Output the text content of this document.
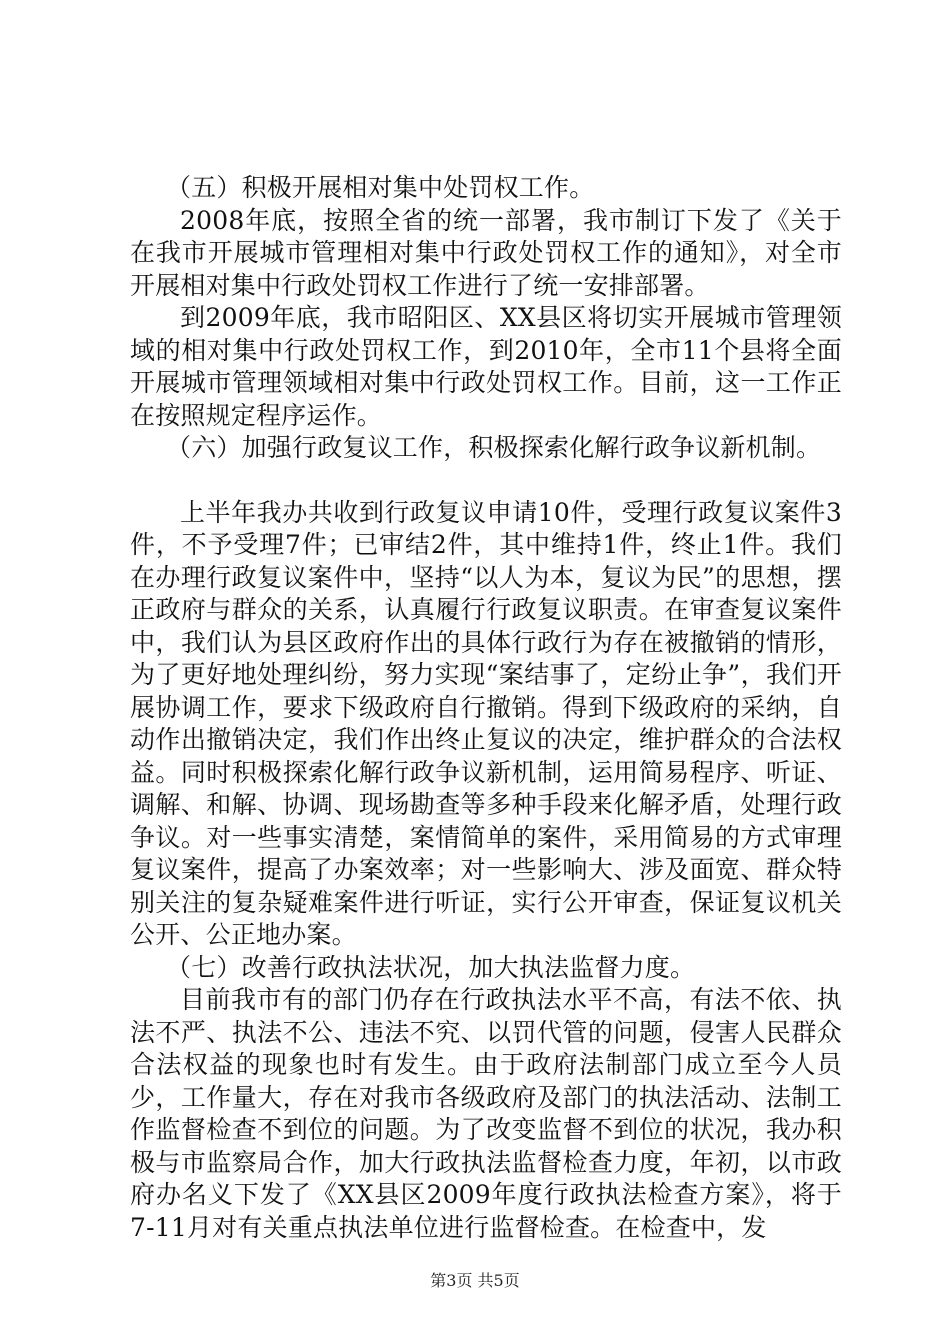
（五）积极开展相对集中处罚权工作。

2008年底，按照全省的统一部署，我市制订下发了《关于在我市开展城市管理相对集中行政处罚权工作的通知》，对全市开展相对集中行政处罚权工作进行了统一安排部署。

到2009年底，我市昭阳区、XX县区将切实开展城市管理领域的相对集中行政处罚权工作，到2010年，全市11个县将全面开展城市管理领域相对集中行政处罚权工作。目前，这一工作正在按照规定程序运作。

（六）加强行政复议工作，积极探索化解行政争议新机制。

上半年我办共收到行政复议申请10件，受理行政复议案件3件，不予受理7件；已审结2件，其中维持1件，终止1件。我们在办理行政复议案件中，坚持“以人为本，复议为民”的思想，摆正政府与群众的关系，认真履行行政复议职责。在审查复议案件中，我们认为县区政府作出的具体行政行为存在被撤销的情形，为了更好地处理纠纷，努力实现“案结事了，定纷止争”，我们开展协调工作，要求下级政府自行撤销。得到下级政府的采纳，自动作出撤销决定，我们作出终止复议的决定，维护群众的合法权益。同时积极探索化解行政争议新机制，运用简易程序、听证、调解、和解、协调、现场勘查等多种手段来化解矛盾，处理行政争议。对一些事实清楚，案情简单的案件，采用简易的方式审理复议案件，提高了办案效率；对一些影响大、涉及面宽、群众特别关注的复杂疑难案件进行听证，实行公开审查，保证复议机关公开、公正地办案。

（七）改善行政执法状况，加大执法监督力度。

目前我市有的部门仍存在行政执法水平不高，有法不依、执法不严、执法不公、违法不究、以罚代管的问题，侵害人民群众合法权益的现象也时有发生。由于政府法制部门成立至今人员少，工作量大，存在对我市各级政府及部门的执法活动、法制工作监督检查不到位的问题。为了改变监督不到位的状况，我办积极与市监察局合作，加大行政执法监督检查力度，年初，以市政府办名义下发了《XX县区2009年度行政执法检查方案》，将于7-11月对有关重点执法单位进行监督检查。在检查中，发

第3页 共5页
